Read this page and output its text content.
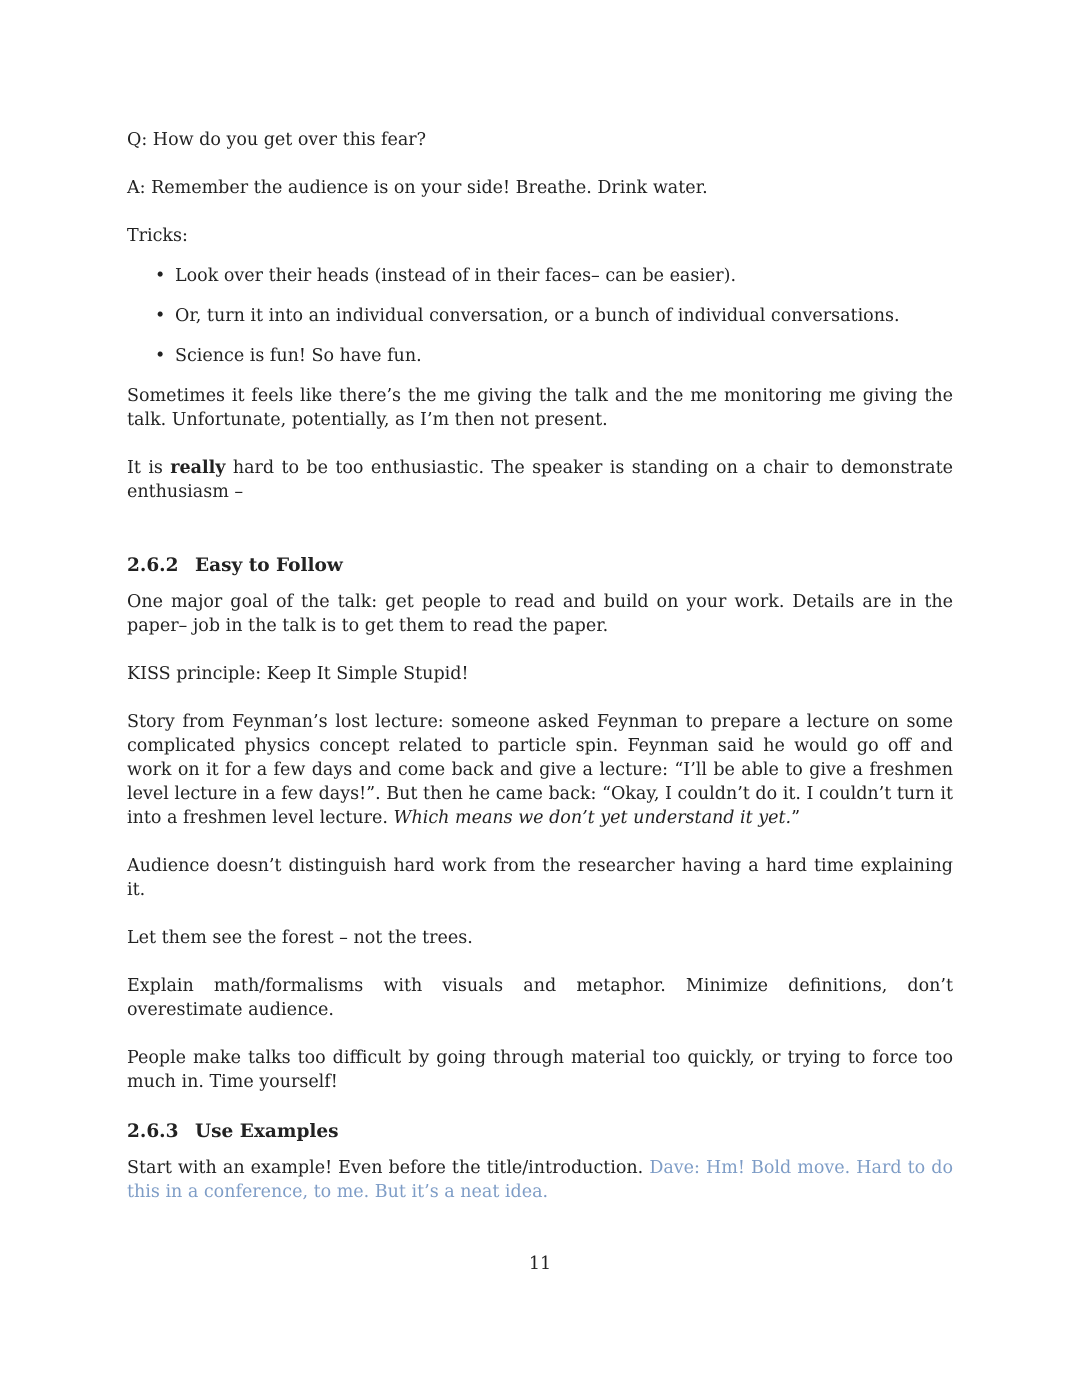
Q: How do you get over this fear?

A: Remember the audience is on your side! Breathe. Drink water.

Tricks:

• Look over their heads (instead of in their faces– can be easier).
• Or, turn it into an individual conversation, or a bunch of individual conversations.
• Science is fun! So have fun.

Sometimes it feels like there’s the me giving the talk and the me monitoring me giving the talk. Unfortunate, potentially, as I’m then not present.

It is really hard to be too enthusiastic. The speaker is standing on a chair to demonstrate enthusiasm –

2.6.2 Easy to Follow

One major goal of the talk: get people to read and build on your work. Details are in the paper– job in the talk is to get them to read the paper.

KISS principle: Keep It Simple Stupid!

Story from Feynman’s lost lecture: someone asked Feynman to prepare a lecture on some complicated physics concept related to particle spin. Feynman said he would go off and work on it for a few days and come back and give a lecture: “I’ll be able to give a freshmen level lecture in a few days!”. But then he came back: “Okay, I couldn’t do it. I couldn’t turn it into a freshmen level lecture. Which means we don’t yet understand it yet.”

Audience doesn’t distinguish hard work from the researcher having a hard time explaining it.

Let them see the forest – not the trees.

Explain math/formalisms with visuals and metaphor. Minimize definitions, don’t overestimate audience.

People make talks too difficult by going through material too quickly, or trying to force too much in. Time yourself!

2.6.3 Use Examples

Start with an example! Even before the title/introduction. Dave: Hm! Bold move. Hard to do this in a conference, to me. But it’s a neat idea.

11
